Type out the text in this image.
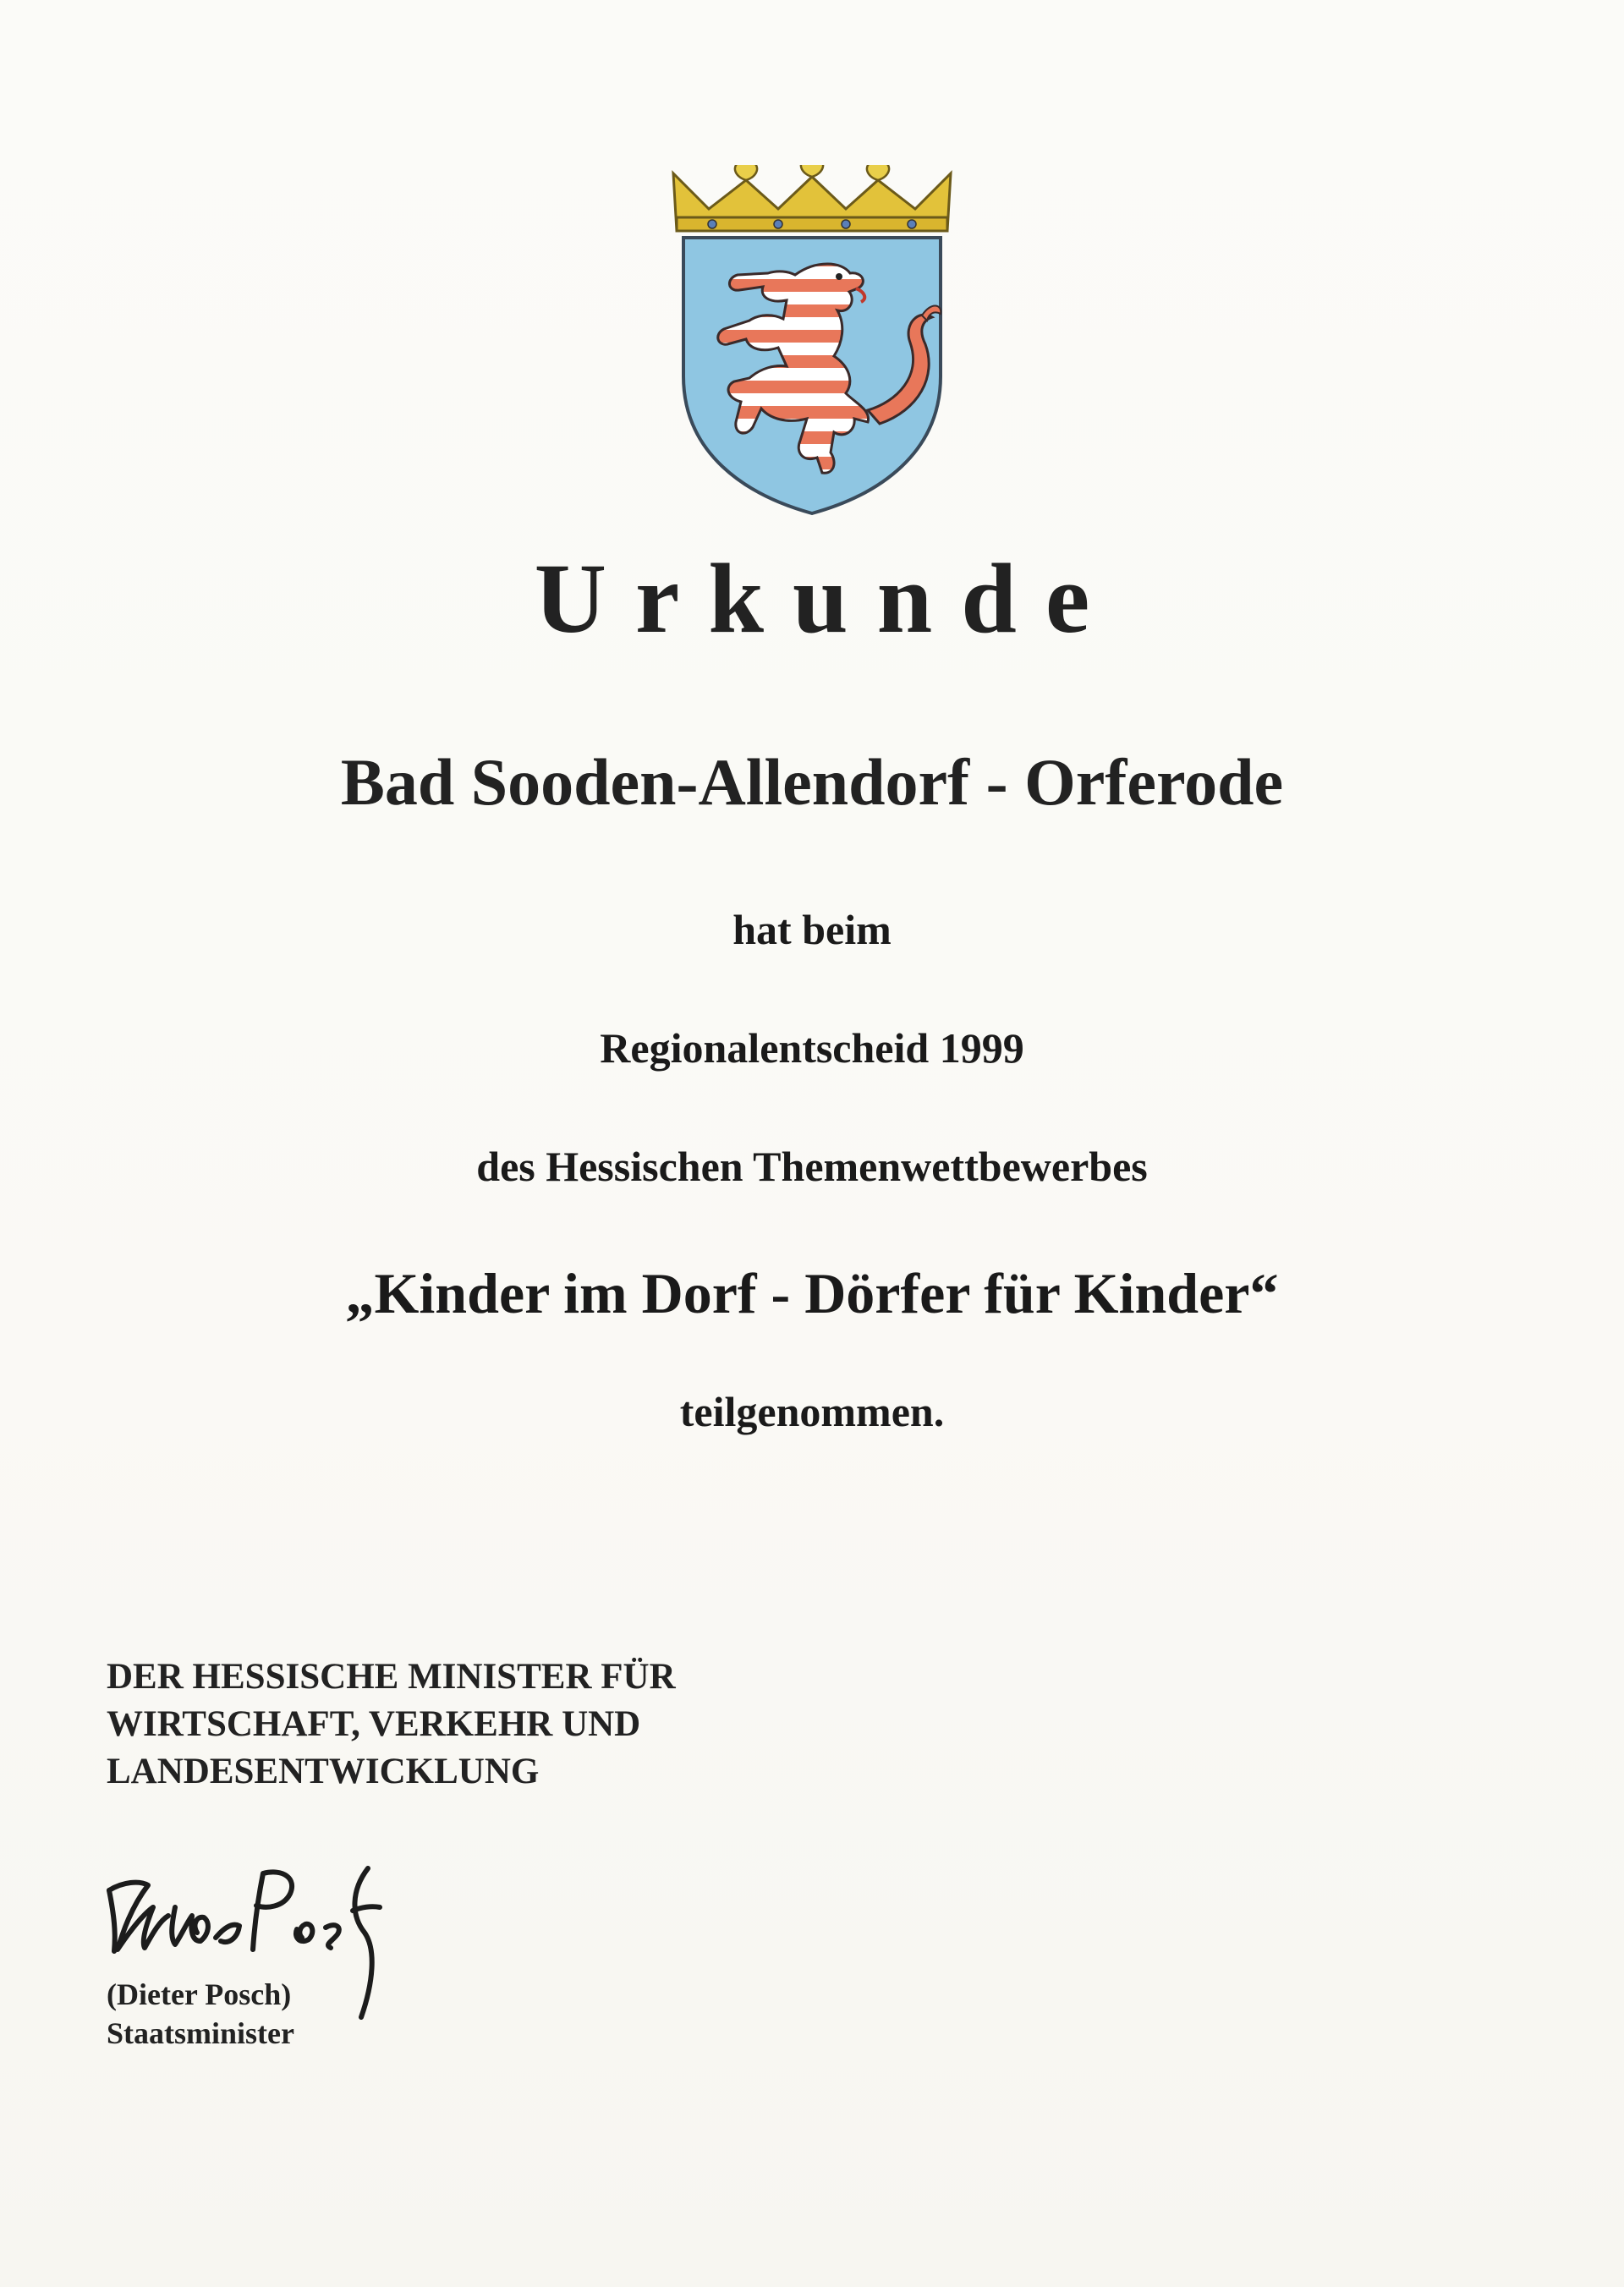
Urkunde
Bad Sooden-Allendorf - Orferode
hat beim
Regionalentscheid 1999
des Hessischen Themenwettbewerbes
„Kinder im Dorf - Dörfer für Kinder“
teilgenommen.
DER HESSISCHE MINISTER FÜR
WIRTSCHAFT, VERKEHR UND
LANDESENTWICKLUNG
(Dieter Posch)
Staatsminister
